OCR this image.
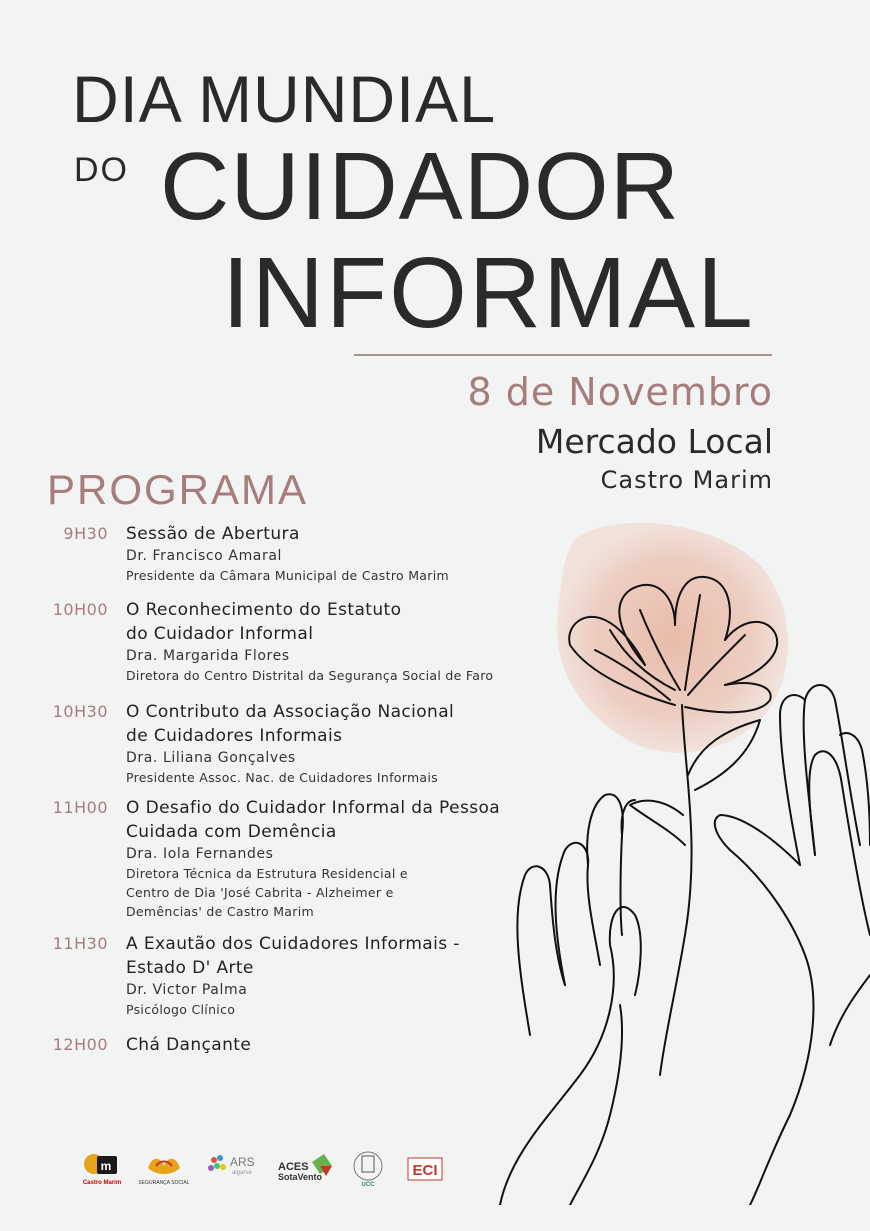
DIA MUNDIAL
DO CUIDADOR
INFORMAL
8 de Novembro
Mercado Local
Castro Marim
PROGRAMA
9H30 Sessão de Abertura
Dr. Francisco Amaral
Presidente da Câmara Municipal de Castro Marim
10H00 O Reconhecimento do Estatuto
do Cuidador Informal
Dra. Margarida Flores
Diretora do Centro Distrital da Segurança Social de Faro
10H30 O Contributo da Associação Nacional
de Cuidadores Informais
Dra. Liliana Gonçalves
Presidente Assoc. Nac. de Cuidadores Informais
11H00 O Desafio do Cuidador Informal da Pessoa
Cuidada com Demência
Dra. Iola Fernandes
Diretora Técnica da Estrutura Residencial e
Centro de Dia 'José Cabrita - Alzheimer e
Demências' de Castro Marim
11H30 A Exautão dos Cuidadores Informais -
Estado D' Arte
Dr. Victor Palma
Psicólogo Clínico
12H00 Chá Dançante
m
Castro Marim	SEGURANÇA SOCIAL
ARS
algarve ACES
SotaVento
UCC
ECI
